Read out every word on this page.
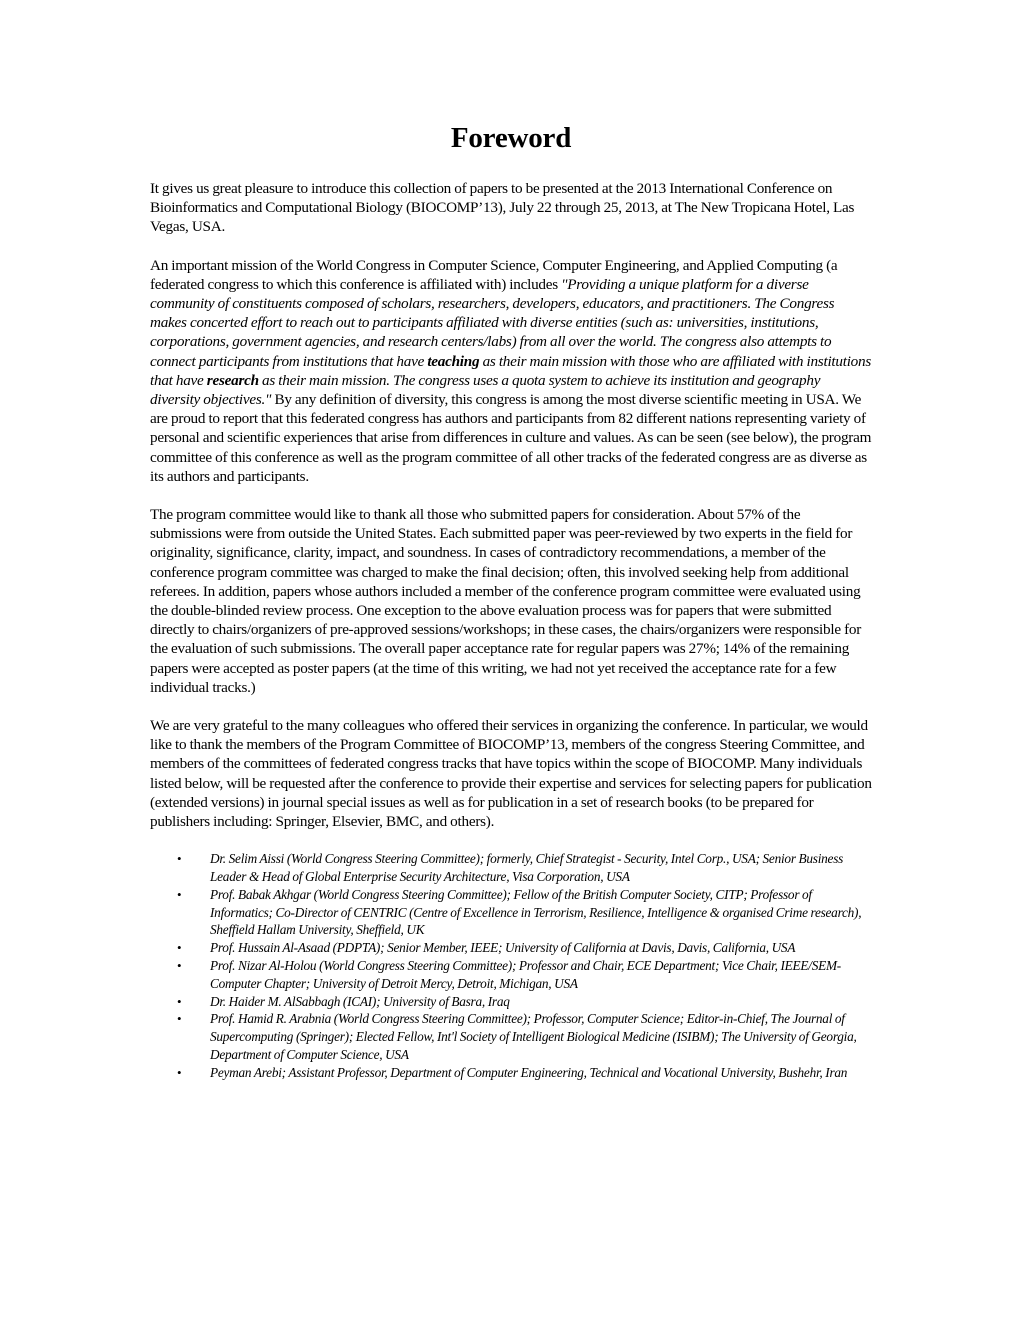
Foreword

It gives us great pleasure to introduce this collection of papers to be presented at the 2013 International Conference on Bioinformatics and Computational Biology (BIOCOMP’13), July 22 through 25, 2013, at The New Tropicana Hotel, Las Vegas, USA.

An important mission of the World Congress in Computer Science, Computer Engineering, and Applied Computing (a federated congress to which this conference is affiliated with) includes "Providing a unique platform for a diverse community of constituents composed of scholars, researchers, developers, educators, and practitioners. The Congress makes concerted effort to reach out to participants affiliated with diverse entities (such as: universities, institutions, corporations, government agencies, and research centers/labs) from all over the world. The congress also attempts to connect participants from institutions that have teaching as their main mission with those who are affiliated with institutions that have research as their main mission. The congress uses a quota system to achieve its institution and geography diversity objectives." By any definition of diversity, this congress is among the most diverse scientific meeting in USA. We are proud to report that this federated congress has authors and participants from 82 different nations representing variety of personal and scientific experiences that arise from differences in culture and values. As can be seen (see below), the program committee of this conference as well as the program committee of all other tracks of the federated congress are as diverse as its authors and participants.

The program committee would like to thank all those who submitted papers for consideration. About 57% of the submissions were from outside the United States. Each submitted paper was peer-reviewed by two experts in the field for originality, significance, clarity, impact, and soundness. In cases of contradictory recommendations, a member of the conference program committee was charged to make the final decision; often, this involved seeking help from additional referees. In addition, papers whose authors included a member of the conference program committee were evaluated using the double-blinded review process. One exception to the above evaluation process was for papers that were submitted directly to chairs/organizers of pre-approved sessions/workshops; in these cases, the chairs/organizers were responsible for the evaluation of such submissions. The overall paper acceptance rate for regular papers was 27%; 14% of the remaining papers were accepted as poster papers (at the time of this writing, we had not yet received the acceptance rate for a few individual tracks.)

We are very grateful to the many colleagues who offered their services in organizing the conference. In particular, we would like to thank the members of the Program Committee of BIOCOMP’13, members of the congress Steering Committee, and members of the committees of federated congress tracks that have topics within the scope of BIOCOMP. Many individuals listed below, will be requested after the conference to provide their expertise and services for selecting papers for publication (extended versions) in journal special issues as well as for publication in a set of research books (to be prepared for publishers including: Springer, Elsevier, BMC, and others).

• Dr. Selim Aissi (World Congress Steering Committee); formerly, Chief Strategist - Security, Intel Corp., USA; Senior Business Leader & Head of Global Enterprise Security Architecture, Visa Corporation, USA
• Prof. Babak Akhgar (World Congress Steering Committee); Fellow of the British Computer Society, CITP; Professor of Informatics; Co-Director of CENTRIC (Centre of Excellence in Terrorism, Resilience, Intelligence & organised Crime research), Sheffield Hallam University, Sheffield, UK
• Prof. Hussain Al-Asaad (PDPTA); Senior Member, IEEE; University of California at Davis, Davis, California, USA
• Prof. Nizar Al-Holou (World Congress Steering Committee); Professor and Chair, ECE Department; Vice Chair, IEEE/SEM-Computer Chapter; University of Detroit Mercy, Detroit, Michigan, USA
• Dr. Haider M. AlSabbagh (ICAI); University of Basra, Iraq
• Prof. Hamid R. Arabnia (World Congress Steering Committee); Professor, Computer Science; Editor-in-Chief, The Journal of Supercomputing (Springer); Elected Fellow, Int'l Society of Intelligent Biological Medicine (ISIBM); The University of Georgia, Department of Computer Science, USA
• Peyman Arebi; Assistant Professor, Department of Computer Engineering, Technical and Vocational University, Bushehr, Iran
